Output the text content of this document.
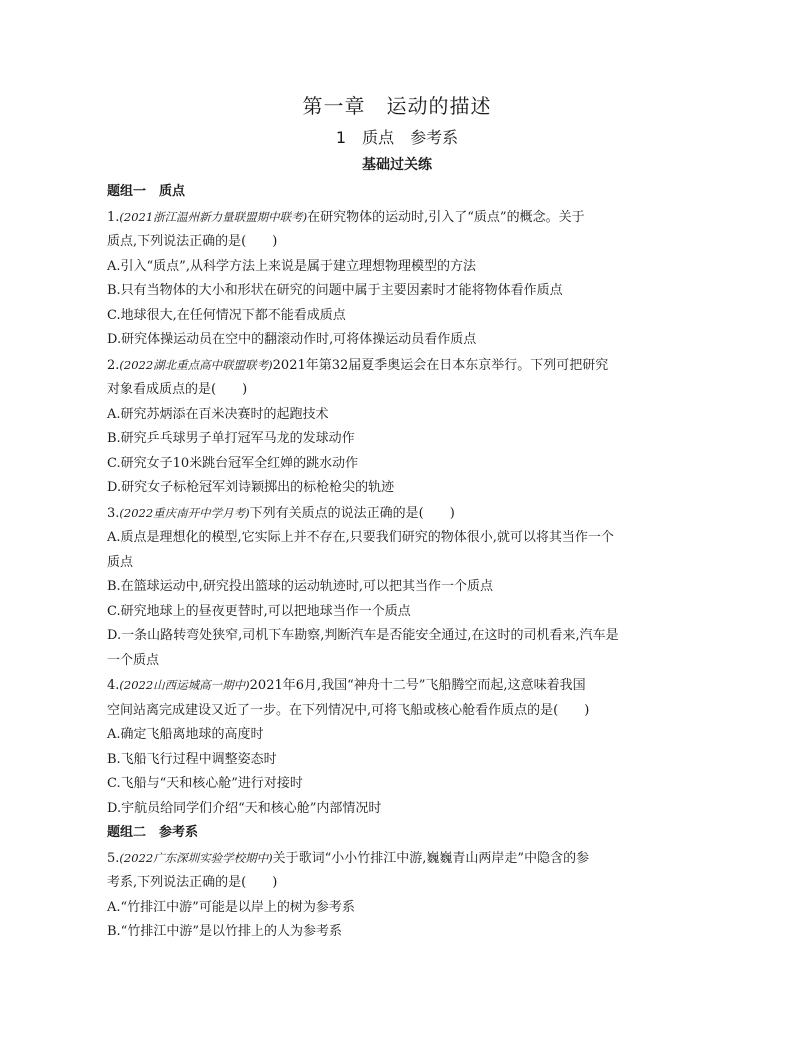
第一章　运动的描述
1　质点　参考系
基础过关练
题组一　质点
1.(2021浙江温州新力量联盟期中联考)在研究物体的运动时,引入了“质点”的概念。关于
质点,下列说法正确的是(　　)
A.引入“质点”,从科学方法上来说是属于建立理想物理模型的方法
B.只有当物体的大小和形状在研究的问题中属于主要因素时才能将物体看作质点
C.地球很大,在任何情况下都不能看成质点
D.研究体操运动员在空中的翻滚动作时,可将体操运动员看作质点
2.(2022湖北重点高中联盟联考)2021年第32届夏季奥运会在日本东京举行。下列可把研究
对象看成质点的是(　　)
A.研究苏炳添在百米决赛时的起跑技术
B.研究乒乓球男子单打冠军马龙的发球动作
C.研究女子10米跳台冠军全红婵的跳水动作
D.研究女子标枪冠军刘诗颖掷出的标枪枪尖的轨迹
3.(2022重庆南开中学月考)下列有关质点的说法正确的是(　　)
A.质点是理想化的模型,它实际上并不存在,只要我们研究的物体很小,就可以将其当作一个
质点
B.在篮球运动中,研究投出篮球的运动轨迹时,可以把其当作一个质点
C.研究地球上的昼夜更替时,可以把地球当作一个质点
D.一条山路转弯处狭窄,司机下车勘察,判断汽车是否能安全通过,在这时的司机看来,汽车是
一个质点
4.(2022山西运城高一期中)2021年6月,我国“神舟十二号”飞船腾空而起,这意味着我国
空间站离完成建设又近了一步。在下列情况中,可将飞船或核心舱看作质点的是(　　)
A.确定飞船离地球的高度时
B.飞船飞行过程中调整姿态时
C.飞船与“天和核心舱”进行对接时
D.宇航员给同学们介绍“天和核心舱”内部情况时
题组二　参考系
5.(2022广东深圳实验学校期中)关于歌词“小小竹排江中游,巍巍青山两岸走”中隐含的参
考系,下列说法正确的是(　　)
A.“竹排江中游”可能是以岸上的树为参考系
B.“竹排江中游”是以竹排上的人为参考系
